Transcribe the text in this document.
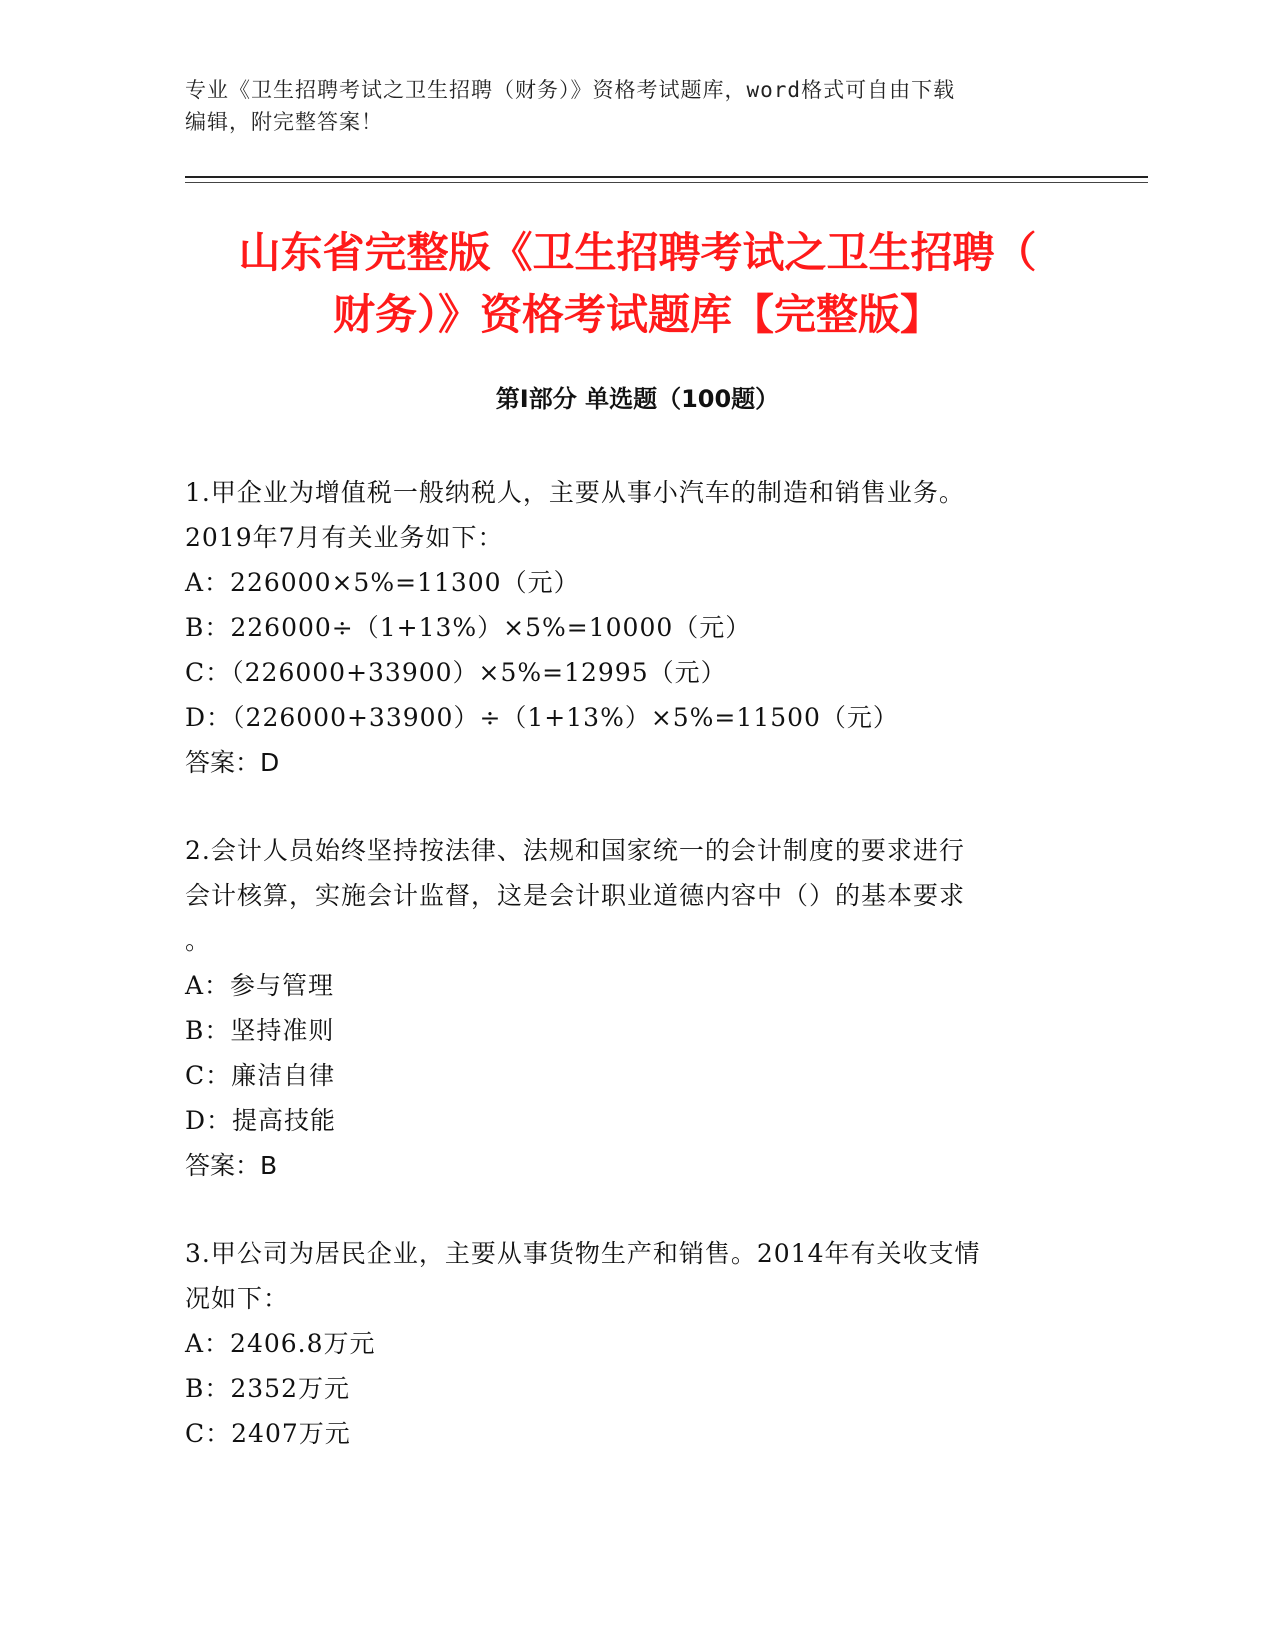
专业《卫生招聘考试之卫生招聘（财务）》资格考试题库，word格式可自由下载
编辑，附完整答案！
山东省完整版《卫生招聘考试之卫生招聘（
财务）》资格考试题库【完整版】
第I部分 单选题（100题）
1.甲企业为增值税一般纳税人，主要从事小汽车的制造和销售业务。
2019年7月有关业务如下：
A：226000×5%=11300（元）
B：226000÷（1+13%）×5%=10000（元）
C：（226000+33900）×5%=12995（元）
D：（226000+33900）÷（1+13%）×5%=11500（元）
答案：D
2.会计人员始终坚持按法律、法规和国家统一的会计制度的要求进行
会计核算，实施会计监督，这是会计职业道德内容中（）的基本要求
。
A：参与管理
B：坚持准则
C：廉洁自律
D：提高技能
答案：B
3.甲公司为居民企业，主要从事货物生产和销售。2014年有关收支情
况如下：
A：2406.8万元
B：2352万元
C：2407万元
